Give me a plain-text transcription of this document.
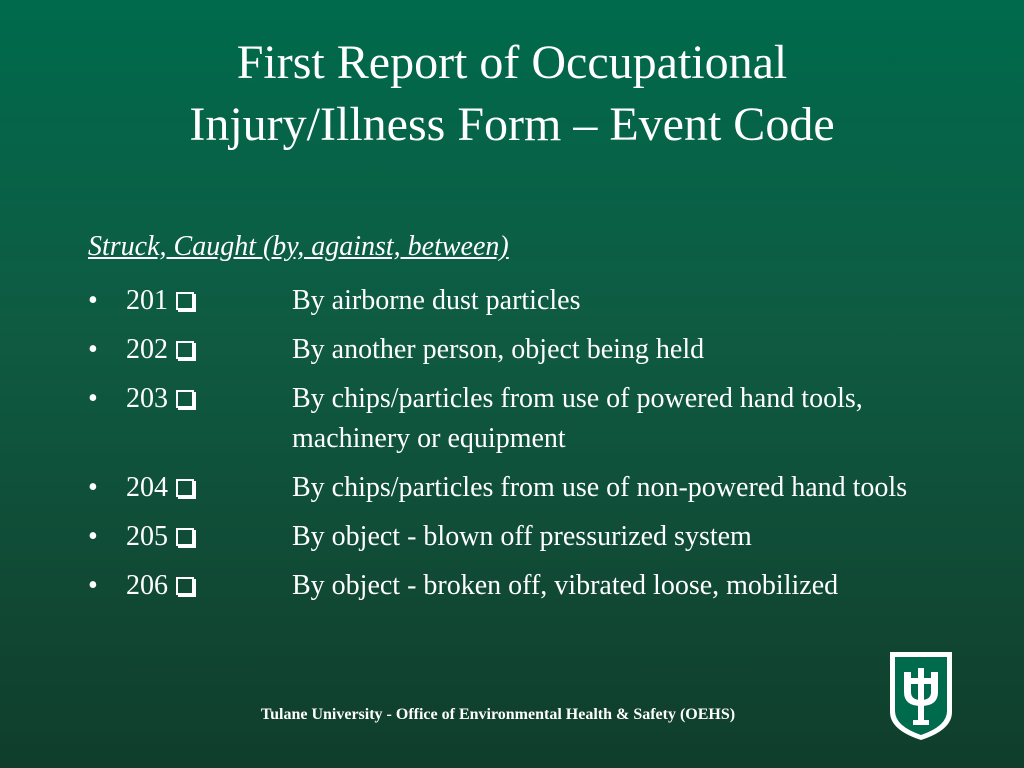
First Report of Occupational
Injury/Illness Form – Event Code
Struck, Caught (by, against, between)
• 201	By airborne dust particles
• 202	By another person, object being held
• 203	By chips/particles from use of powered hand tools, machinery or equipment
• 204	By chips/particles from use of non-powered hand tools
• 205	By object - blown off pressurized system
• 206	By object - broken off, vibrated loose, mobilized
Tulane University - Office of Environmental Health & Safety (OEHS)
